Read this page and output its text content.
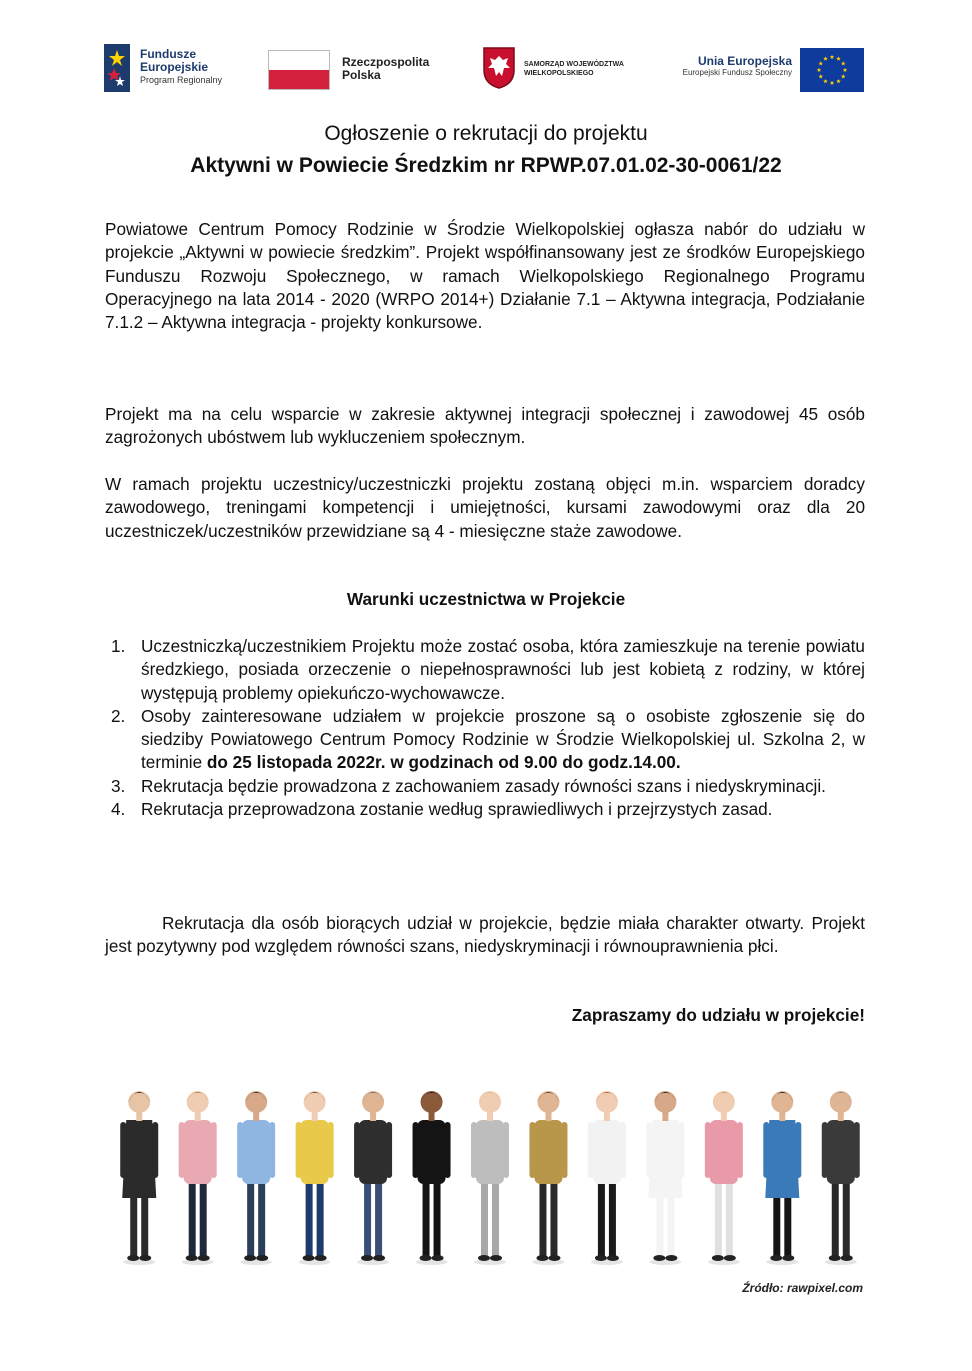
Fundusze
Europejskie
Program Regionalny
Rzeczpospolita
Polska
SAMORZĄD WOJEWÓDZTWA
WIELKOPOLSKIEGO
Unia Europejska
Europejski Fundusz Społeczny
Ogłoszenie o rekrutacji do projektu
Aktywni w Powiecie Średzkim nr RPWP.07.01.02-30-0061/22
Powiatowe Centrum Pomocy Rodzinie w Środzie Wielkopolskiej ogłasza nabór do udziału w projekcie „Aktywni w powiecie średzkim”. Projekt współfinansowany jest ze środków Europejskiego Funduszu Rozwoju Społecznego, w ramach Wielkopolskiego Regionalnego Programu Operacyjnego na lata 2014 - 2020 (WRPO 2014+) Działanie 7.1 – Aktywna integracja, Podziałanie 7.1.2 – Aktywna integracja - projekty konkursowe.
Projekt ma na celu wsparcie w zakresie aktywnej integracji społecznej i zawodowej 45 osób zagrożonych ubóstwem lub wykluczeniem społecznym.
W ramach projektu uczestnicy/uczestniczki projektu zostaną objęci m.in. wsparciem doradcy zawodowego, treningami kompetencji i umiejętności, kursami zawodowymi oraz dla 20 uczestniczek/uczestników przewidziane są 4 - miesięczne staże zawodowe.
Warunki uczestnictwa w Projekcie
1. Uczestniczką/uczestnikiem Projektu może zostać osoba, która zamieszkuje na terenie powiatu średzkiego, posiada orzeczenie o niepełnosprawności lub jest kobietą z rodziny, w której występują problemy opiekuńczo-wychowawcze.
2. Osoby zainteresowane udziałem w projekcie proszone są o osobiste zgłoszenie się do siedziby Powiatowego Centrum Pomocy Rodzinie w Środzie Wielkopolskiej ul. Szkolna 2, w terminie do 25 listopada 2022r. w godzinach od 9.00 do godz.14.00.
3. Rekrutacja będzie prowadzona z zachowaniem zasady równości szans i niedyskryminacji.
4. Rekrutacja przeprowadzona zostanie według sprawiedliwych i przejrzystych zasad.
Rekrutacja dla osób biorących udział w projekcie, będzie miała charakter otwarty. Projekt jest pozytywny pod względem równości szans, niedyskryminacji i równouprawnienia płci.
Zapraszamy do udziału w projekcie!
Źródło: rawpixel.com
